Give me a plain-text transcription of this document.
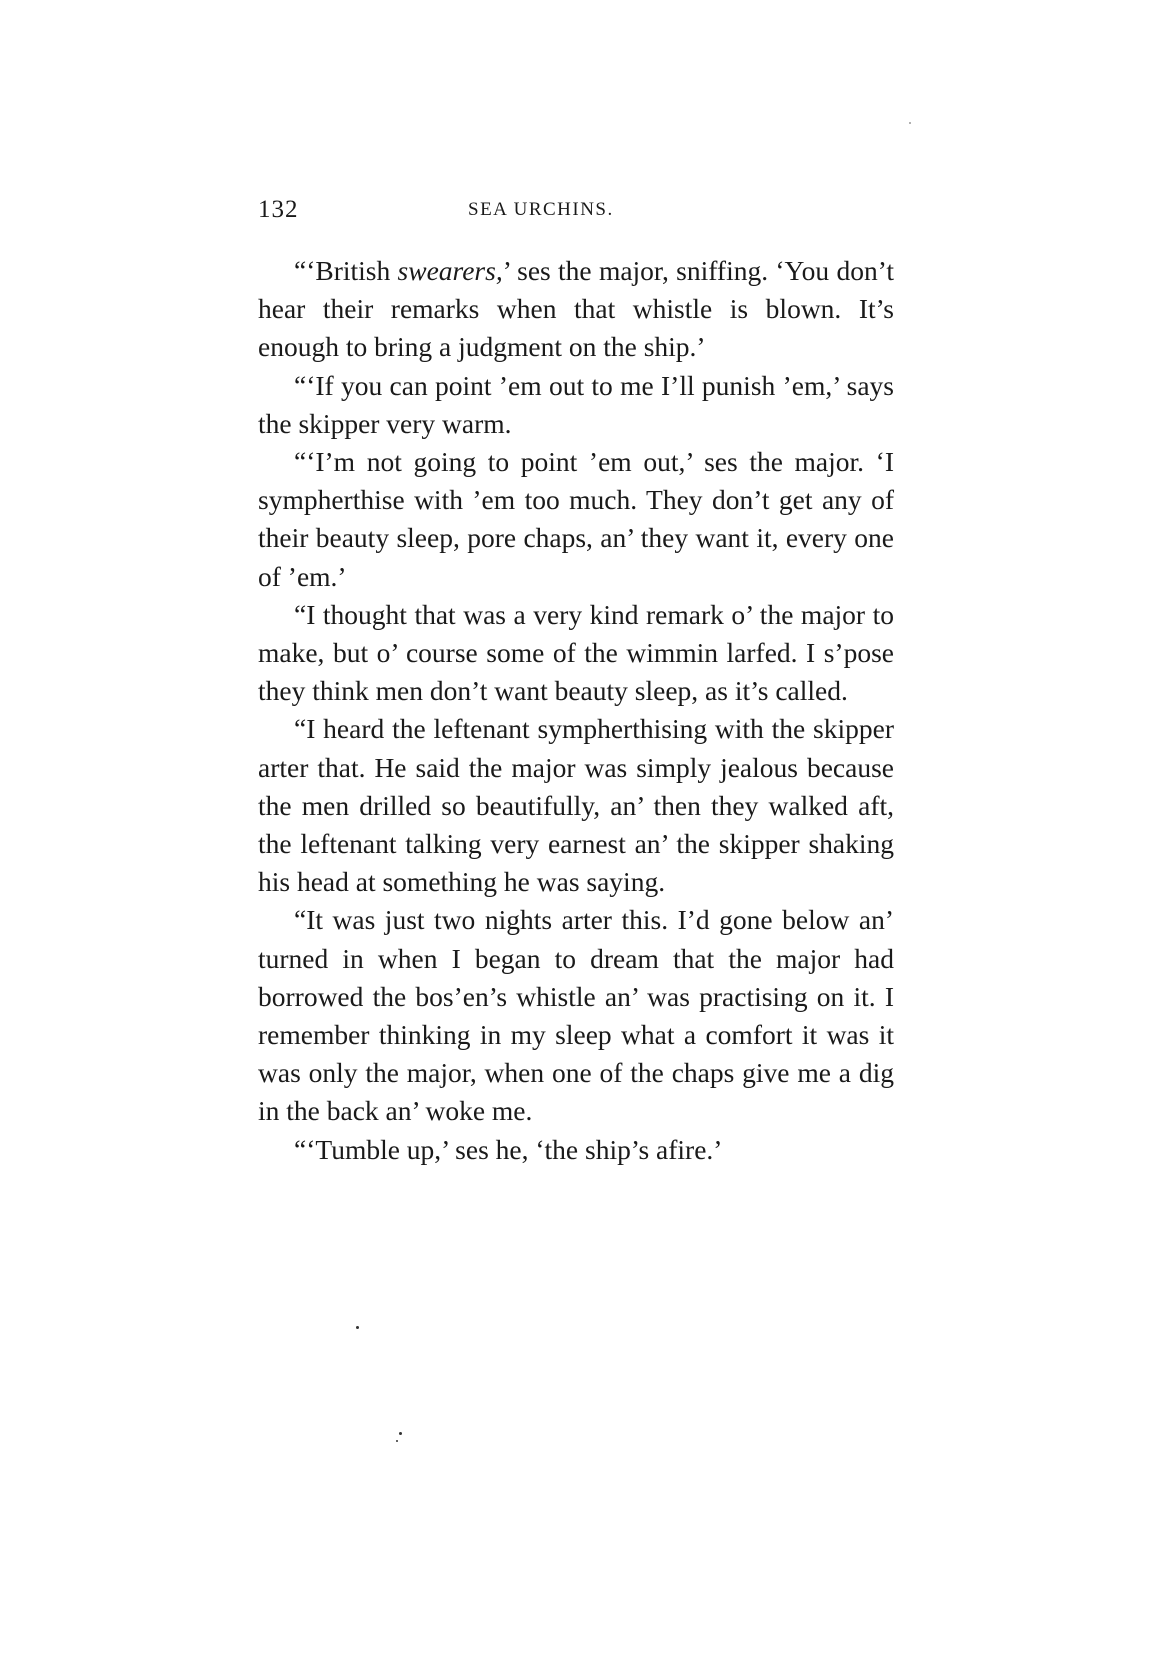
132	SEA URCHINS.

“‘British swearers,’ ses the major, sniffing. ‘You don’t hear their remarks when that whistle is blown. It’s enough to bring a judgment on the ship.’

“‘If you can point ’em out to me I’ll punish ’em,’ says the skipper very warm.

“‘I’m not going to point ’em out,’ ses the major. ‘I sympherthise with ’em too much. They don’t get any of their beauty sleep, pore chaps, an’ they want it, every one of ’em.’

“I thought that was a very kind remark o’ the major to make, but o’ course some of the wimmin larfed. I s’pose they think men don’t want beauty sleep, as it’s called.

“I heard the leftenant sympherthising with the skipper arter that. He said the major was simply jealous because the men drilled so beautifully, an’ then they walked aft, the leftenant talking very earnest an’ the skipper shaking his head at something he was saying.

“It was just two nights arter this. I’d gone below an’ turned in when I began to dream that the major had borrowed the bos’en’s whistle an’ was practising on it. I remember thinking in my sleep what a comfort it was it was only the major, when one of the chaps give me a dig in the back an’ woke me.

“‘Tumble up,’ ses he, ‘the ship’s afire.’
